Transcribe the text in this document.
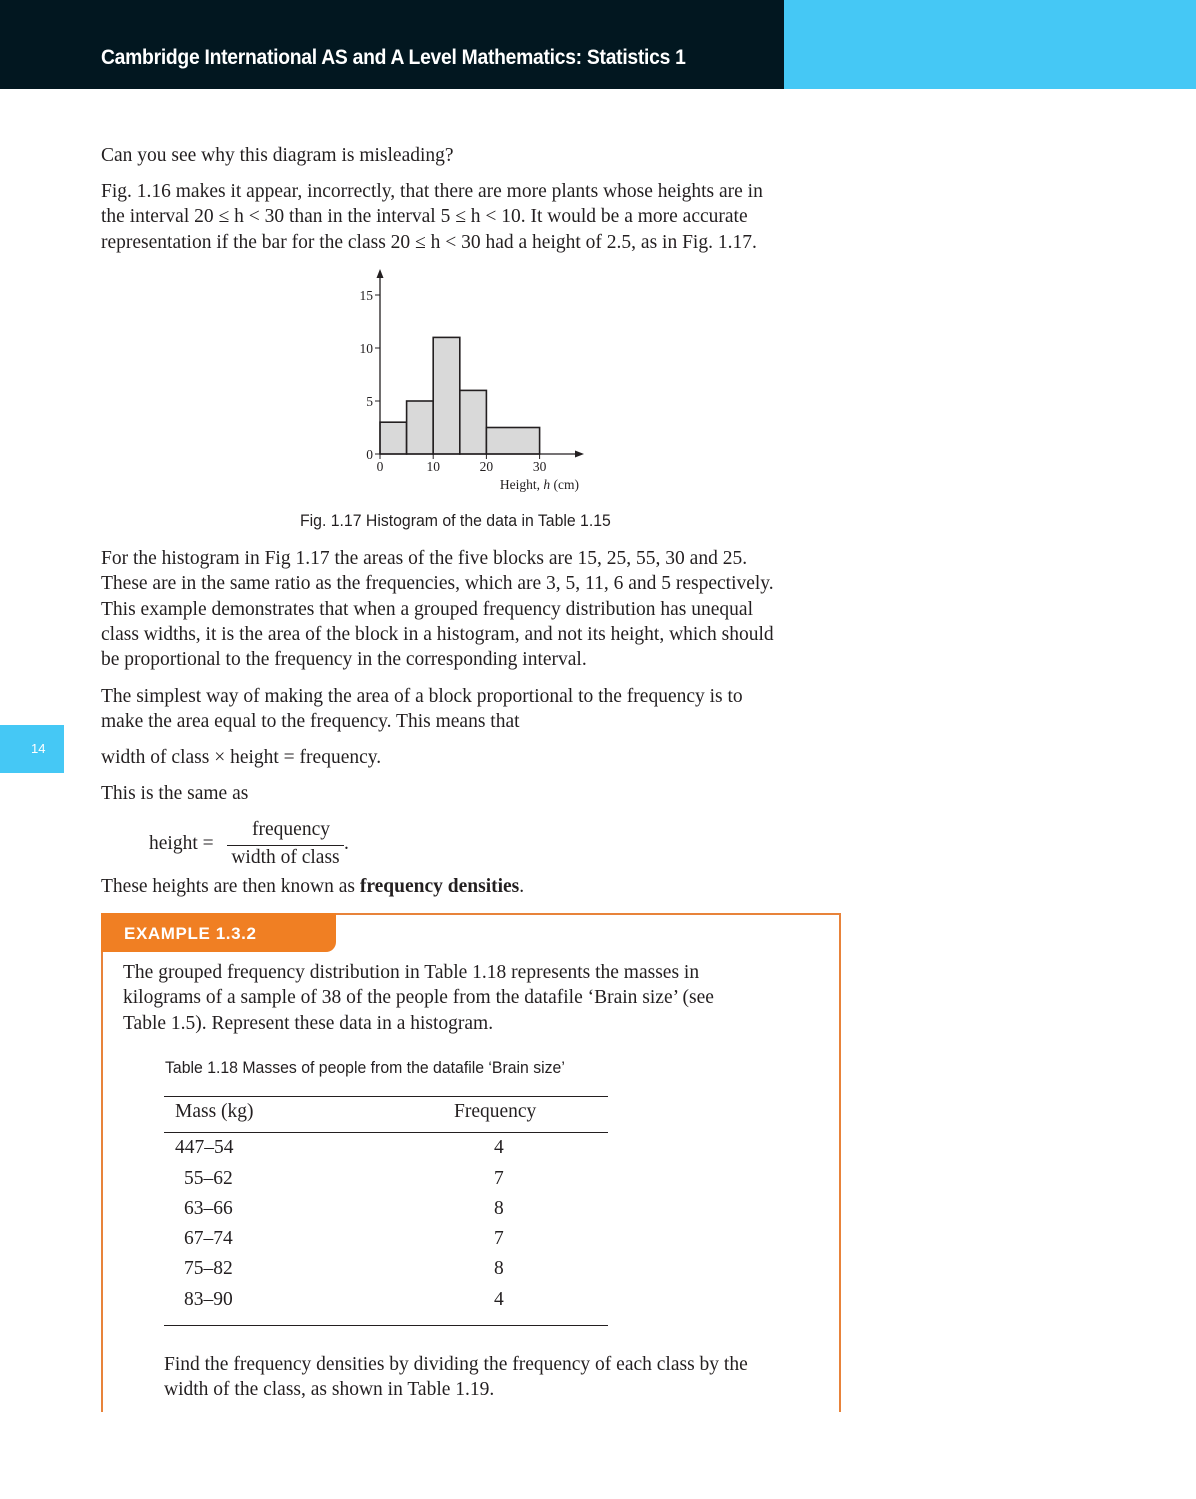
Cambridge International AS and A Level Mathematics: Statistics 1
14
Can you see why this diagram is misleading?
Fig. 1.16 makes it appear, incorrectly, that there are more plants whose heights are in
the interval 20 ≤ h < 30 than in the interval 5 ≤ h < 10. It would be a more accurate
representation if the bar for the class 20 ≤ h < 30 had a height of 2.5, as in Fig. 1.17.
0
5
10
15
0	10	20	30
Height, h (cm)
Fig. 1.17 Histogram of the data in Table 1.15
For the histogram in Fig 1.17 the areas of the five blocks are 15, 25, 55, 30 and 25.
These are in the same ratio as the frequencies, which are 3, 5, 11, 6 and 5 respectively.
This example demonstrates that when a grouped frequency distribution has unequal
class widths, it is the area of the block in a histogram, and not its height, which should
be proportional to the frequency in the corresponding interval.
The simplest way of making the area of a block proportional to the frequency is to
make the area equal to the frequency. This means that
width of class × height = frequency.
This is the same as
height =
frequency
width of class
.
These heights are then known as frequency densities.
EXAMPLE 1.3.2
The grouped frequency distribution in Table 1.18 represents the masses in
kilograms of a sample of 38 of the people from the datafile ‘Brain size’ (see
Table 1.5). Represent these data in a histogram.
Table 1.18 Masses of people from the datafile ‘Brain size’
Mass (kg)	Frequency
447–54	4
55–62	7
63–66	8
67–74	7
75–82	8
83–90	4
Find the frequency densities by dividing the frequency of each class by the
width of the class, as shown in Table 1.19.
